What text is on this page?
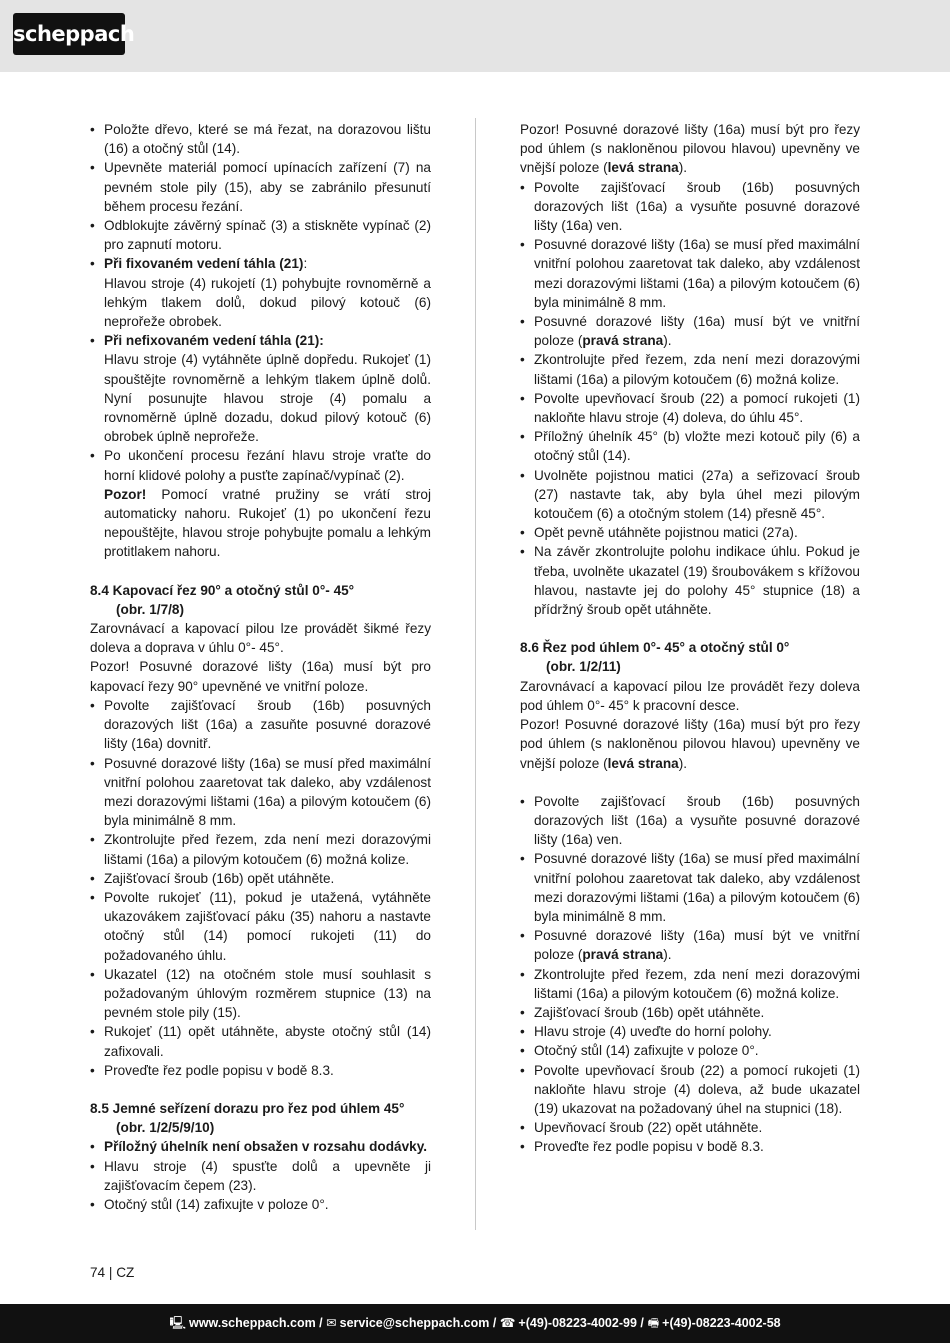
scheppach
• Položte dřevo, které se má řezat, na dorazovou lištu (16) a otočný stůl (14).
• Upevněte materiál pomocí upínacích zařízení (7) na pevném stole pily (15), aby se zabránilo přesunutí během procesu řezání.
• Odblokujte závěrný spínač (3) a stiskněte vypínač (2) pro zapnutí motoru.
• Při fixovaném vedení táhla (21):
Hlavou stroje (4) rukojetí (1) pohybujte rovnoměrně a lehkým tlakem dolů, dokud pilový kotouč (6) neprořeže obrobek.
• Při nefixovaném vedení táhla (21):
Hlavu stroje (4) vytáhněte úplně dopředu. Rukojeť (1) spouštějte rovnoměrně a lehkým tlakem úplně dolů. Nyní posunujte hlavou stroje (4) pomalu a rovnoměrně úplně dozadu, dokud pilový kotouč (6) obrobek úplně neprořeže.
• Po ukončení procesu řezání hlavu stroje vraťte do horní klidové polohy a pusťte zapínač/vypínač (2).
Pozor! Pomocí vratné pružiny se vrátí stroj automaticky nahoru. Rukojeť (1) po ukončení řezu nepouštějte, hlavou stroje pohybujte pomalu a lehkým protitlakem nahoru.

8.4 Kapovací řez 90° a otočný stůl 0°- 45°
(obr. 1/7/8)

Zarovnávací a kapovací pilou lze provádět šikmé řezy doleva a doprava v úhlu 0°- 45°.

Pozor! Posuvné dorazové lišty (16a) musí být pro kapovací řezy 90° upevněné ve vnitřní poloze.

• Povolte zajišťovací šroub (16b) posuvných dorazových lišt (16a) a zasuňte posuvné dorazové lišty (16a) dovnitř.
• Posuvné dorazové lišty (16a) se musí před maximální vnitřní polohou zaaretovat tak daleko, aby vzdálenost mezi dorazovými lištami (16a) a pilovým kotoučem (6) byla minimálně 8 mm.
• Zkontrolujte před řezem, zda není mezi dorazovými lištami (16a) a pilovým kotoučem (6) možná kolize.
• Zajišťovací šroub (16b) opět utáhněte.
• Povolte rukojeť (11), pokud je utažená, vytáhněte ukazovákem zajišťovací páku (35) nahoru a nastavte otočný stůl (14) pomocí rukojeti (11) do požadovaného úhlu.
• Ukazatel (12) na otočném stole musí souhlasit s požadovaným úhlovým rozměrem stupnice (13) na pevném stole pily (15).
• Rukojeť (11) opět utáhněte, abyste otočný stůl (14) zafixovali.
• Proveďte řez podle popisu v bodě 8.3.

8.5 Jemné seřízení dorazu pro řez pod úhlem 45°
(obr. 1/2/5/9/10)

• Příložný úhelník není obsažen v rozsahu dodávky.
• Hlavu stroje (4) spusťte dolů a upevněte ji zajišťovacím čepem (23).
• Otočný stůl (14) zafixujte v poloze 0°.

Pozor! Posuvné dorazové lišty (16a) musí být pro řezy pod úhlem (s nakloněnou pilovou hlavou) upevněny ve vnější poloze (levá strana).

• Povolte zajišťovací šroub (16b) posuvných dorazových lišt (16a) a vysuňte posuvné dorazové lišty (16a) ven.
• Posuvné dorazové lišty (16a) se musí před maximální vnitřní polohou zaaretovat tak daleko, aby vzdálenost mezi dorazovými lištami (16a) a pilovým kotoučem (6) byla minimálně 8 mm.
• Posuvné dorazové lišty (16a) musí být ve vnitřní poloze (pravá strana).
• Zkontrolujte před řezem, zda není mezi dorazovými lištami (16a) a pilovým kotoučem (6) možná kolize.
• Povolte upevňovací šroub (22) a pomocí rukojeti (1) nakloňte hlavu stroje (4) doleva, do úhlu 45°.
• Příložný úhelník 45° (b) vložte mezi kotouč pily (6) a otočný stůl (14).
• Uvolněte pojistnou matici (27a) a seřizovací šroub (27) nastavte tak, aby byla úhel mezi pilovým kotoučem (6) a otočným stolem (14) přesně 45°.
• Opět pevně utáhněte pojistnou matici (27a).
• Na závěr zkontrolujte polohu indikace úhlu. Pokud je třeba, uvolněte ukazatel (19) šroubovákem s křížovou hlavou, nastavte jej do polohy 45° stupnice (18) a přídržný šroub opět utáhněte.

8.6 Řez pod úhlem 0°- 45° a otočný stůl 0°
(obr. 1/2/11)

Zarovnávací a kapovací pilou lze provádět řezy doleva pod úhlem 0°- 45° k pracovní desce.

Pozor! Posuvné dorazové lišty (16a) musí být pro řezy pod úhlem (s nakloněnou pilovou hlavou) upevněny ve vnější poloze (levá strana).

• Povolte zajišťovací šroub (16b) posuvných dorazových lišt (16a) a vysuňte posuvné dorazové lišty (16a) ven.
• Posuvné dorazové lišty (16a) se musí před maximální vnitřní polohou zaaretovat tak daleko, aby vzdálenost mezi dorazovými lištami (16a) a pilovým kotoučem (6) byla minimálně 8 mm.
• Posuvné dorazové lišty (16a) musí být ve vnitřní poloze (pravá strana).
• Zkontrolujte před řezem, zda není mezi dorazovými lištami (16a) a pilovým kotoučem (6) možná kolize.
• Zajišťovací šroub (16b) opět utáhněte.
• Hlavu stroje (4) uveďte do horní polohy.
• Otočný stůl (14) zafixujte v poloze 0°.
• Povolte upevňovací šroub (22) a pomocí rukojeti (1) nakloňte hlavu stroje (4) doleva, až bude ukazatel (19) ukazovat na požadovaný úhel na stupnici (18).
• Upevňovací šroub (22) opět utáhněte.
• Proveďte řez podle popisu v bodě 8.3.
74 | CZ
🖳 www.scheppach.com / ✉ service@scheppach.com / ☎ +(49)-08223-4002-99 / 🖷 +(49)-08223-4002-58
